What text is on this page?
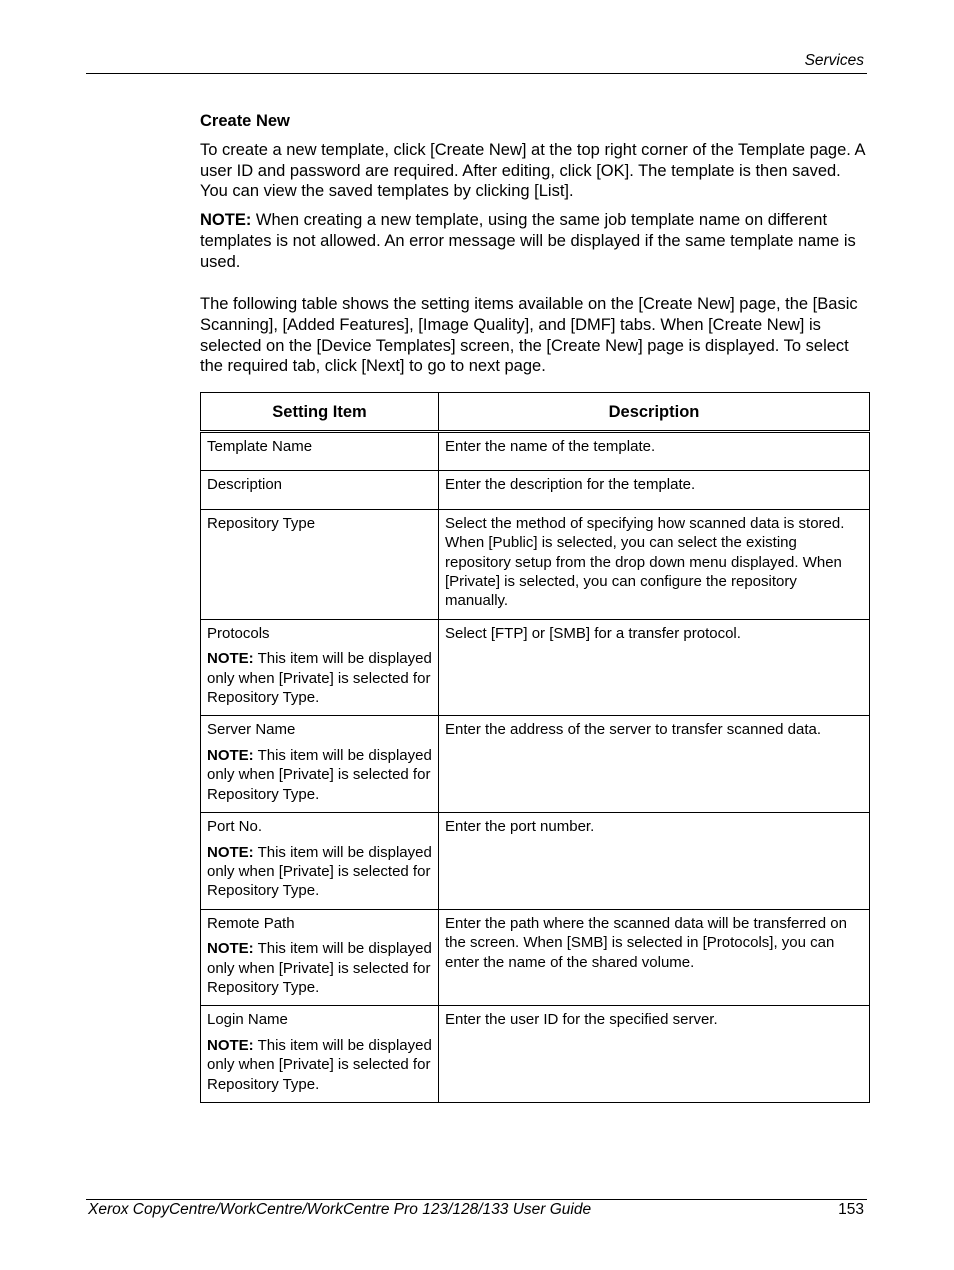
Services
Create New

To create a new template, click [Create New] at the top right corner of the Template page. A user ID and password are required. After editing, click [OK]. The template is then saved. You can view the saved templates by clicking [List].

NOTE: When creating a new template, using the same job template name on different templates is not allowed. An error message will be displayed if the same template name is used.

The following table shows the setting items available on the [Create New] page, the [Basic Scanning], [Added Features], [Image Quality], and [DMF] tabs. When [Create New] is selected on the [Device Templates] screen, the [Create New] page is displayed. To select the required tab, click [Next] to go to next page.

Setting Item	Description

Template Name	Enter the name of the template.

Description	Enter the description for the template.

Repository Type	Select the method of specifying how scanned data is stored. When [Public] is selected, you can select the existing repository setup from the drop down menu displayed. When [Private] is selected, you can configure the repository manually.

Protocols
NOTE: This item will be displayed only when [Private] is selected for Repository Type.	Select [FTP] or [SMB] for a transfer protocol.

Server Name
NOTE: This item will be displayed only when [Private] is selected for Repository Type.	Enter the address of the server to transfer scanned data.

Port No.
NOTE: This item will be displayed only when [Private] is selected for Repository Type.	Enter the port number.

Remote Path
NOTE: This item will be displayed only when [Private] is selected for Repository Type.	Enter the path where the scanned data will be transferred on the screen. When [SMB] is selected in [Protocols], you can enter the name of the shared volume.

Login Name
NOTE: This item will be displayed only when [Private] is selected for Repository Type.	Enter the user ID for the specified server.
Xerox CopyCentre/WorkCentre/WorkCentre Pro 123/128/133 User Guide	153
